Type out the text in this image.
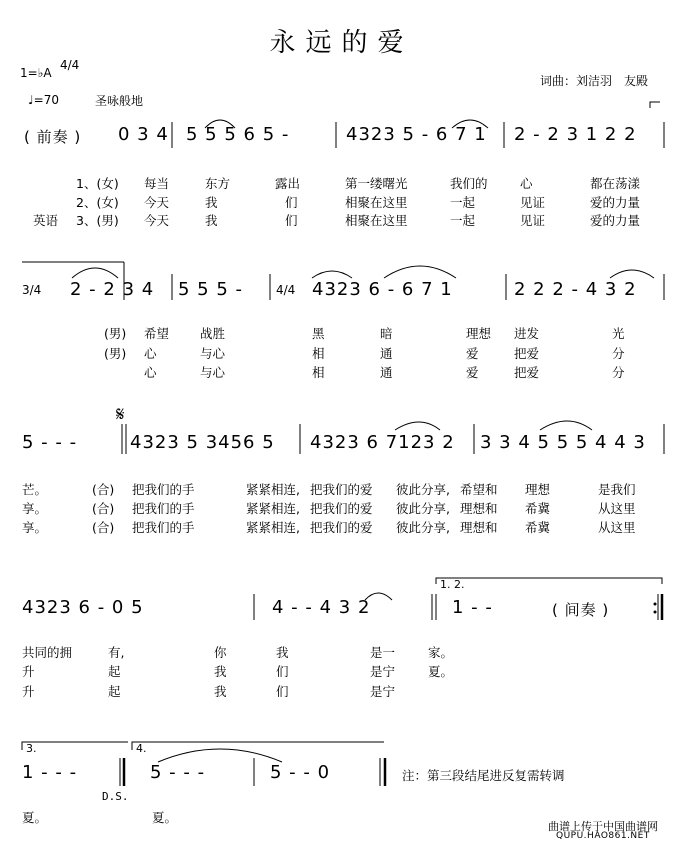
永远的爱
1=♭A
4/4
♩=70	圣咏般地
词曲：刘洁羽　友殿
( 前奏 ) 0 3 4 5 5 5 6 5 -	4323 5 - 6 7 1 2 - 2 3 1 2 2
1、(女) 每当	东方	露出	第一缕曙光	我们的	心	都在荡漾
2、(女) 今天	我	们	相聚在这里	一起	见证	爱的力量
英语 3、(男) 今天	我	们	相聚在这里	一起	见证	爱的力量
3/4 2 - 2 3 4 5 5 5 -	4/4 4323 6 - 6 7 1	2 2 2 - 4 3 2
(男) 希望 战胜	黑	暗	理想 进发	光
(男) 心	与心	相	通	爱	把爱	分
心	与心	相	通	爱	把爱	分
𝄋
5 - - -	4323 5 3456 5 4323 6 7123 2 3 3 4 5 5 5 4 4 3
芒。	(合) 把我们的手	紧紧相连, 把我们的爱 彼此分享, 希望和 理想	是我们
享。	(合) 把我们的手	紧紧相连, 把我们的爱 彼此分享, 理想和 希冀	从这里
享。	(合) 把我们的手	紧紧相连, 把我们的爱 彼此分享, 理想和 希冀	从这里
1. 2.
4323 6 - 0 5	4 - - 4 3 2	1 - -	( 间奏 )
共同的拥	有,	你	我	是一	家。
升	起	我	们	是宁	夏。
升	起	我	们	是宁
3.	4.
1 - - -	5 - - -	5 - - 0
D.S.
注：第三段结尾进反复需转调
夏。	夏。
曲谱上传于中国曲谱网
QUPU.HAO861.NET
